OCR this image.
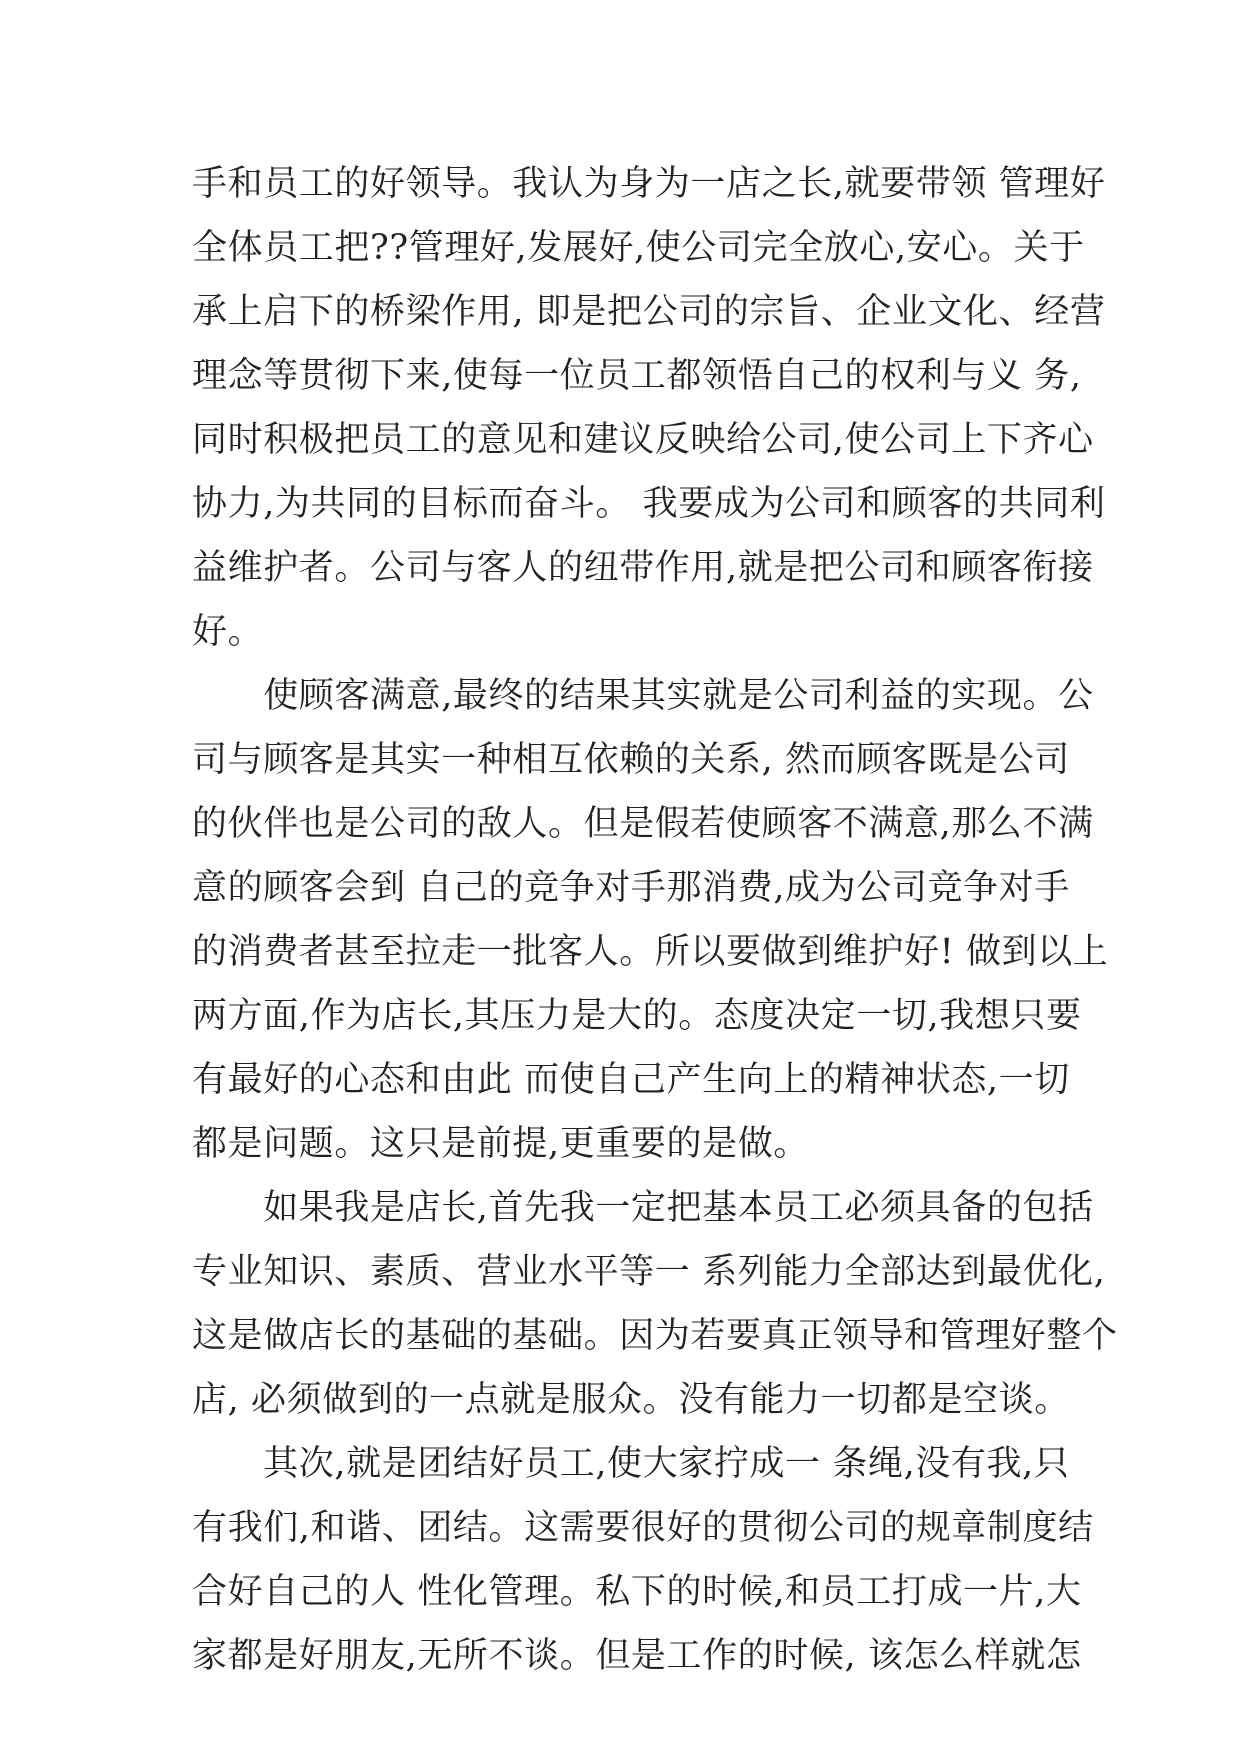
手和员工的好领导。我认为身为一店之长,就要带领 管理好
全体员工把??管理好,发展好,使公司完全放心,安心。关于
承上启下的桥梁作用, 即是把公司的宗旨、企业文化、经营
理念等贯彻下来,使每一位员工都领悟自己的权利与义 务,
同时积极把员工的意见和建议反映给公司,使公司上下齐心
协力,为共同的目标而奋斗。 我要成为公司和顾客的共同利
益维护者。公司与客人的纽带作用,就是把公司和顾客衔接
好。
　　使顾客满意,最终的结果其实就是公司利益的实现。公
司与顾客是其实一种相互依赖的关系, 然而顾客既是公司
的伙伴也是公司的敌人。但是假若使顾客不满意,那么不满
意的顾客会到 自己的竞争对手那消费,成为公司竞争对手
的消费者甚至拉走一批客人。所以要做到维护好! 做到以上
两方面,作为店长,其压力是大的。态度决定一切,我想只要
有最好的心态和由此 而使自己产生向上的精神状态,一切
都是问题。这只是前提,更重要的是做。
　　如果我是店长,首先我一定把基本员工必须具备的包括
专业知识、素质、营业水平等一 系列能力全部达到最优化,
这是做店长的基础的基础。因为若要真正领导和管理好整个
店, 必须做到的一点就是服众。没有能力一切都是空谈。
　　其次,就是团结好员工,使大家拧成一 条绳,没有我,只
有我们,和谐、团结。这需要很好的贯彻公司的规章制度结
合好自己的人 性化管理。私下的时候,和员工打成一片,大
家都是好朋友,无所不谈。但是工作的时候, 该怎么样就怎
